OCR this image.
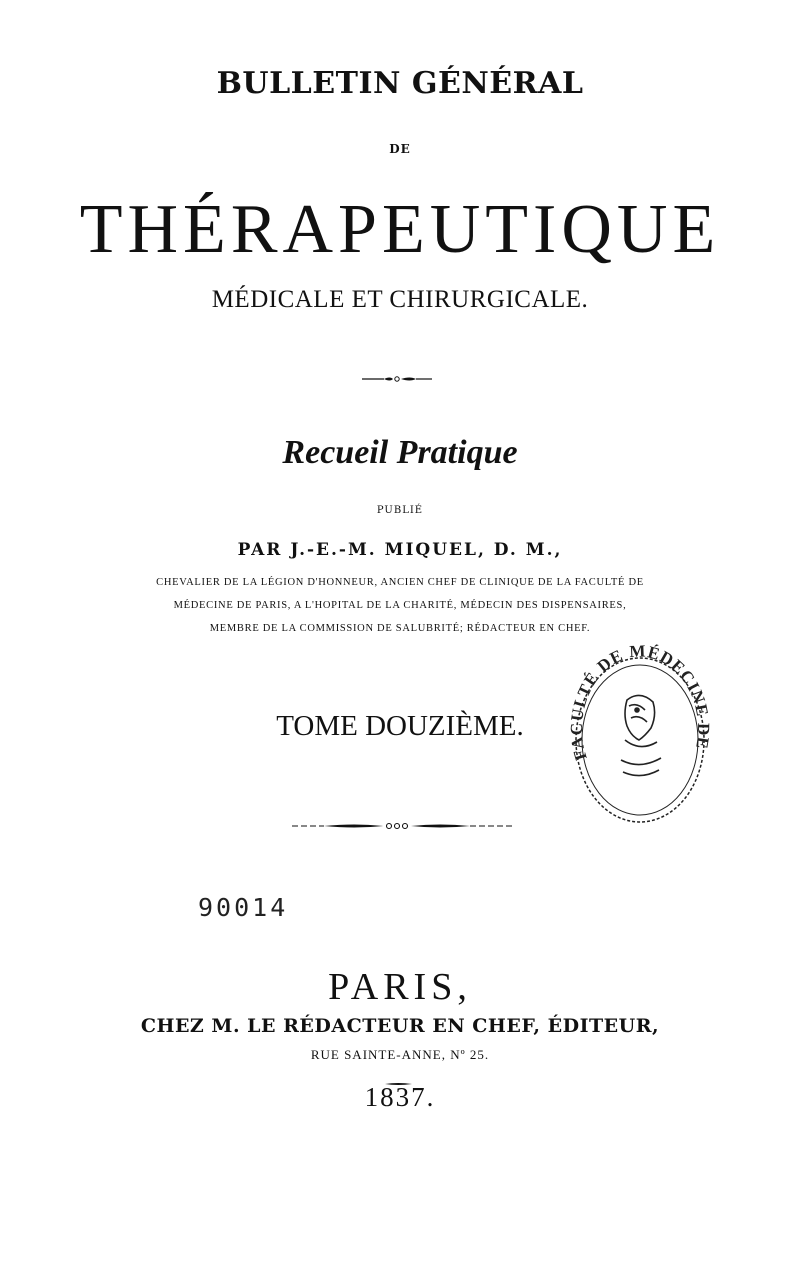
BULLETIN GÉNÉRAL
DE
THÉRAPEUTIQUE
MÉDICALE ET CHIRURGICALE.
Recueil Pratique
PUBLIÉ
PAR J.-E.-M. MIQUEL, D. M.,
CHEVALIER DE LA LÉGION D'HONNEUR, ANCIEN CHEF DE CLINIQUE DE LA FACULTÉ DE
MÉDECINE DE PARIS, A L'HOPITAL DE LA CHARITÉ, MÉDECIN DES DISPENSAIRES,
MEMBRE DE LA COMMISSION DE SALUBRITÉ; RÉDACTEUR EN CHEF.
TOME DOUZIÈME.
FACULTÉ DE MÉDECINE DE
90014
PARIS,
CHEZ M. LE RÉDACTEUR EN CHEF, ÉDITEUR,
RUE SAINTE-ANNE, Nº 25.
1837.
